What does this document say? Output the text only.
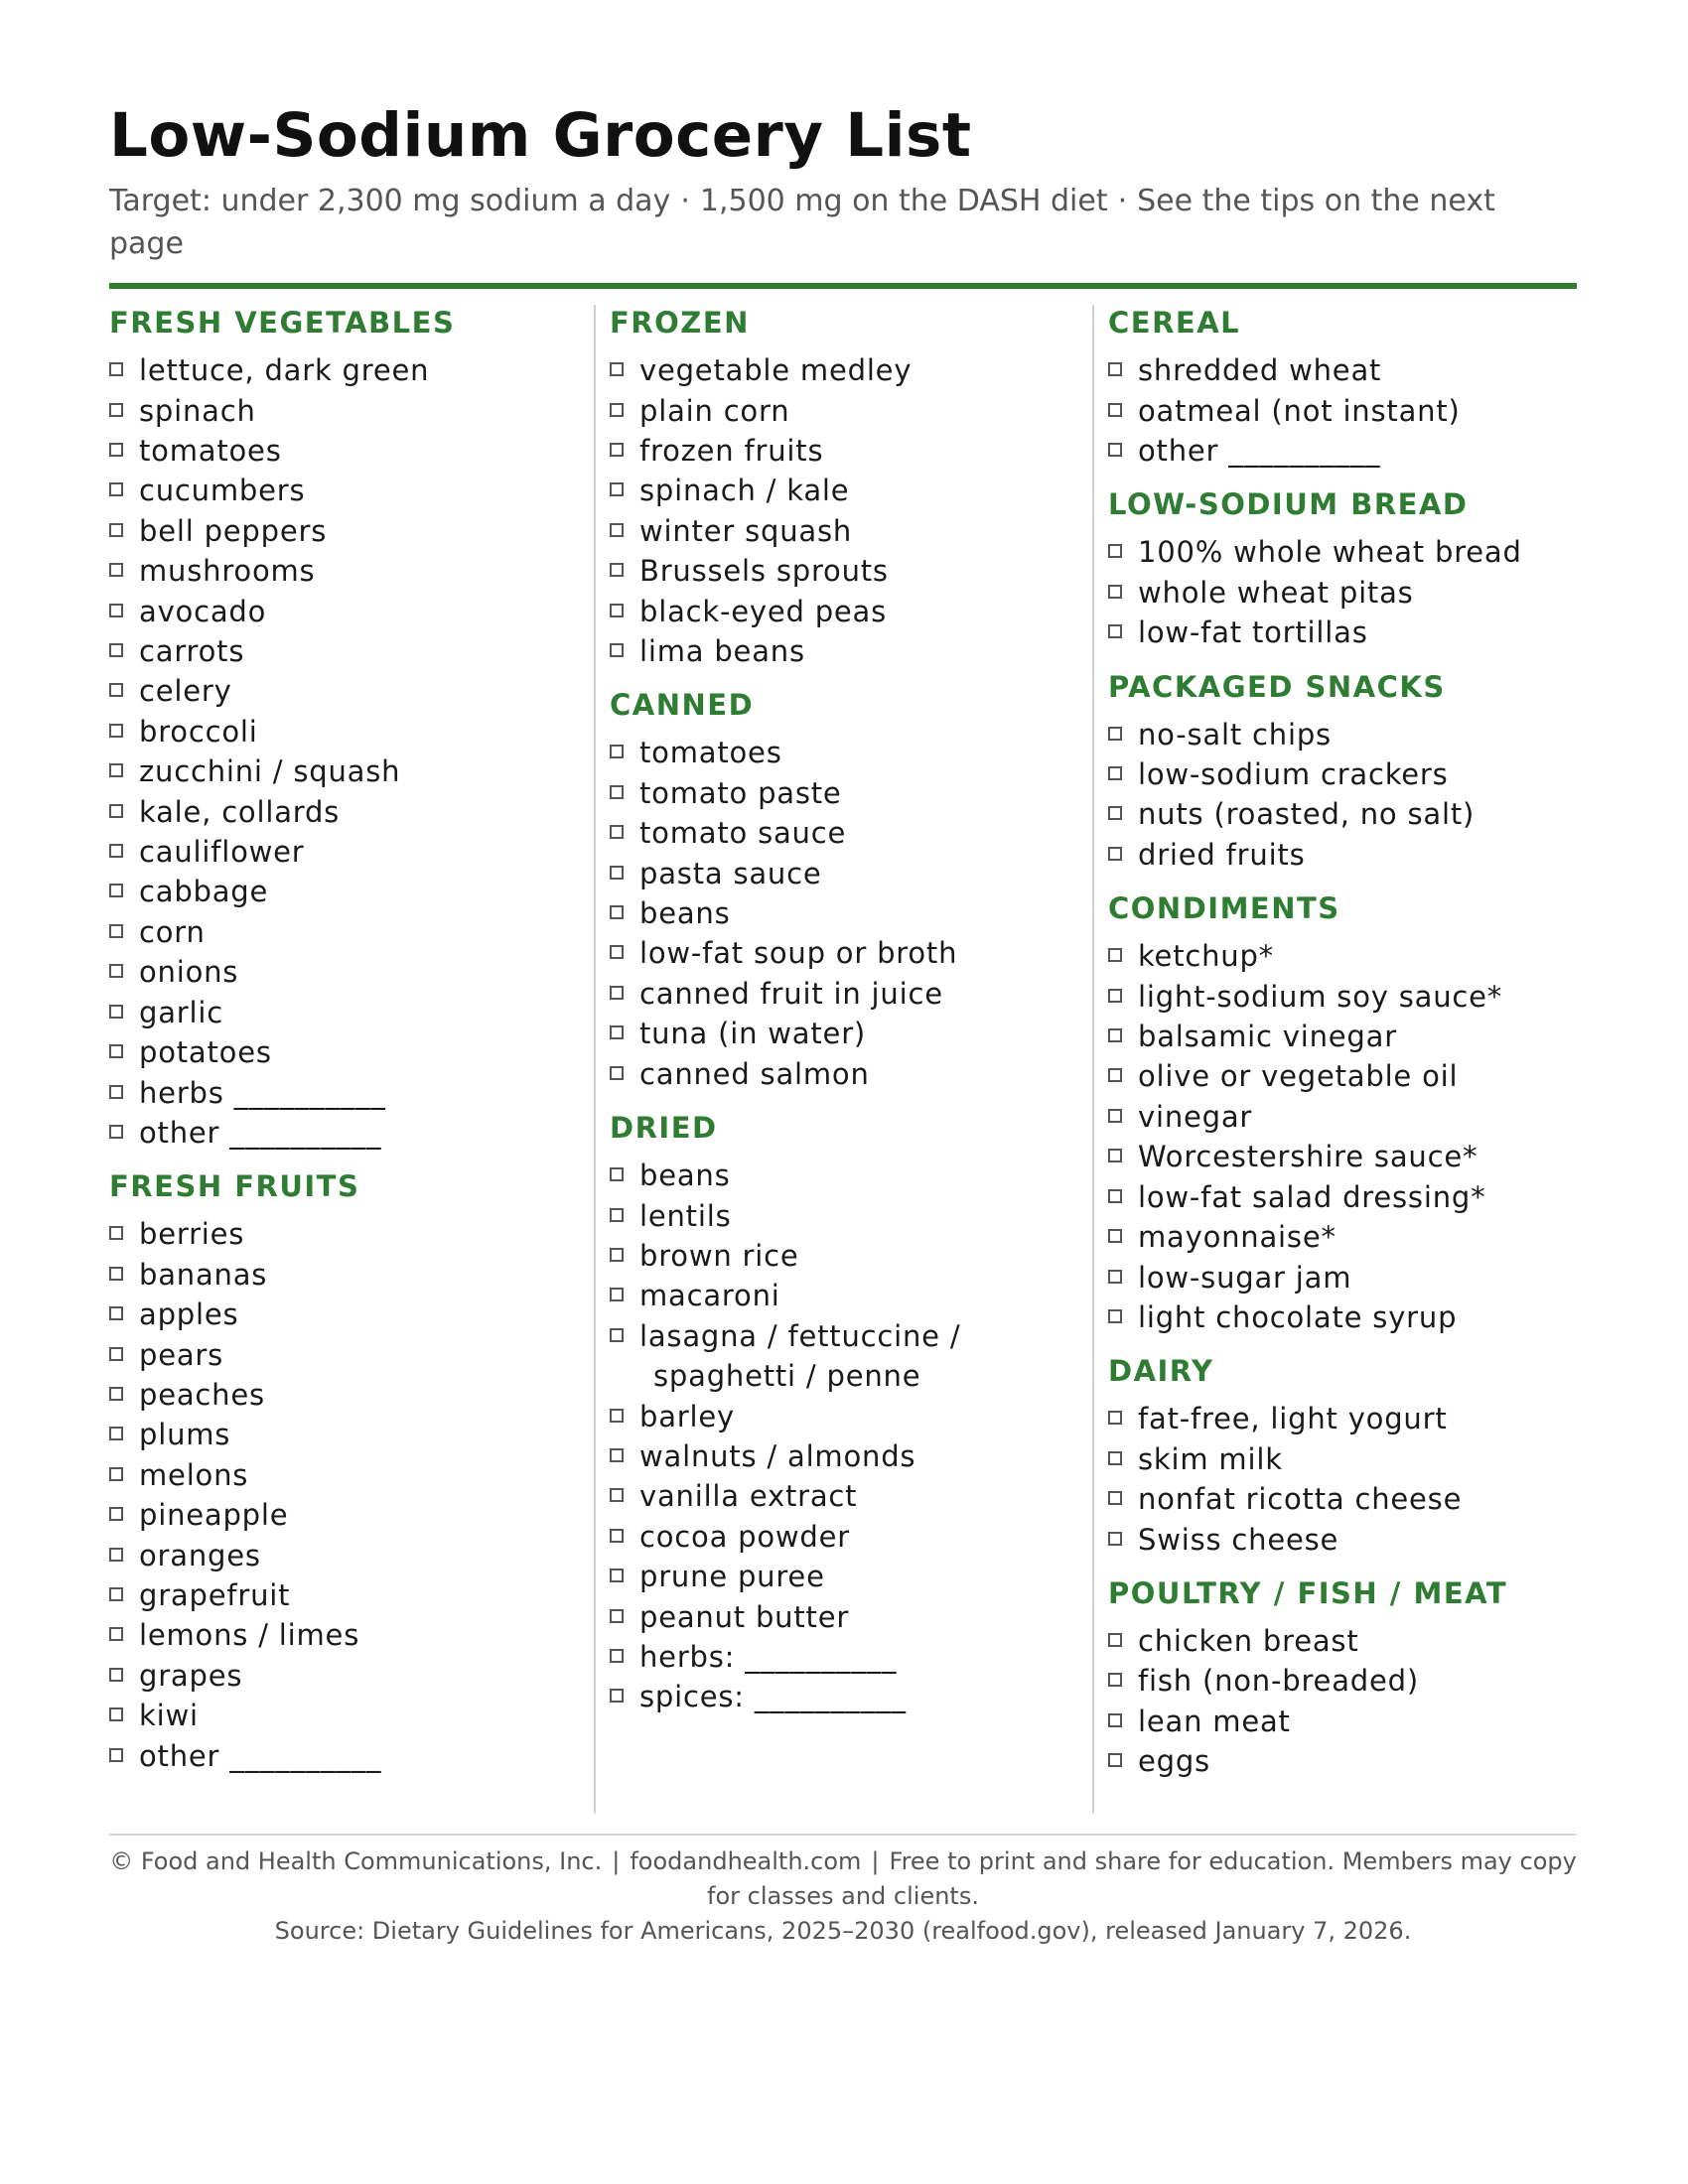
Low-Sodium Grocery List
Target: under 2,300 mg sodium a day · 1,500 mg on the DASH diet · See the tips on the next page
FRESH VEGETABLES
lettuce, dark green
spinach
tomatoes
cucumbers
bell peppers
mushrooms
avocado
carrots
celery
broccoli
zucchini / squash
kale, collards
cauliflower
cabbage
corn
onions
garlic
potatoes
herbs __________
other __________
FRESH FRUITS
berries
bananas
apples
pears
peaches
plums
melons
pineapple
oranges
grapefruit
lemons / limes
grapes
kiwi
other __________
FROZEN
vegetable medley
plain corn
frozen fruits
spinach / kale
winter squash
Brussels sprouts
black-eyed peas
lima beans
CANNED
tomatoes
tomato paste
tomato sauce
pasta sauce
beans
low-fat soup or broth
canned fruit in juice
tuna (in water)
canned salmon
DRIED
beans
lentils
brown rice
macaroni
lasagna / fettuccine /
spaghetti / penne
barley
walnuts / almonds
vanilla extract
cocoa powder
prune puree
peanut butter
herbs: __________
spices: __________
CEREAL
shredded wheat
oatmeal (not instant)
other __________
LOW-SODIUM BREAD
100% whole wheat bread
whole wheat pitas
low-fat tortillas
PACKAGED SNACKS
no-salt chips
low-sodium crackers
nuts (roasted, no salt)
dried fruits
CONDIMENTS
ketchup*
light-sodium soy sauce*
balsamic vinegar
olive or vegetable oil
vinegar
Worcestershire sauce*
low-fat salad dressing*
mayonnaise*
low-sugar jam
light chocolate syrup
DAIRY
fat-free, light yogurt
skim milk
nonfat ricotta cheese
Swiss cheese
POULTRY / FISH / MEAT
chicken breast
fish (non-breaded)
lean meat
eggs
© Food and Health Communications, Inc. | foodandhealth.com | Free to print and share for education. Members may copy for classes and clients.
Source: Dietary Guidelines for Americans, 2025–2030 (realfood.gov), released January 7, 2026.
